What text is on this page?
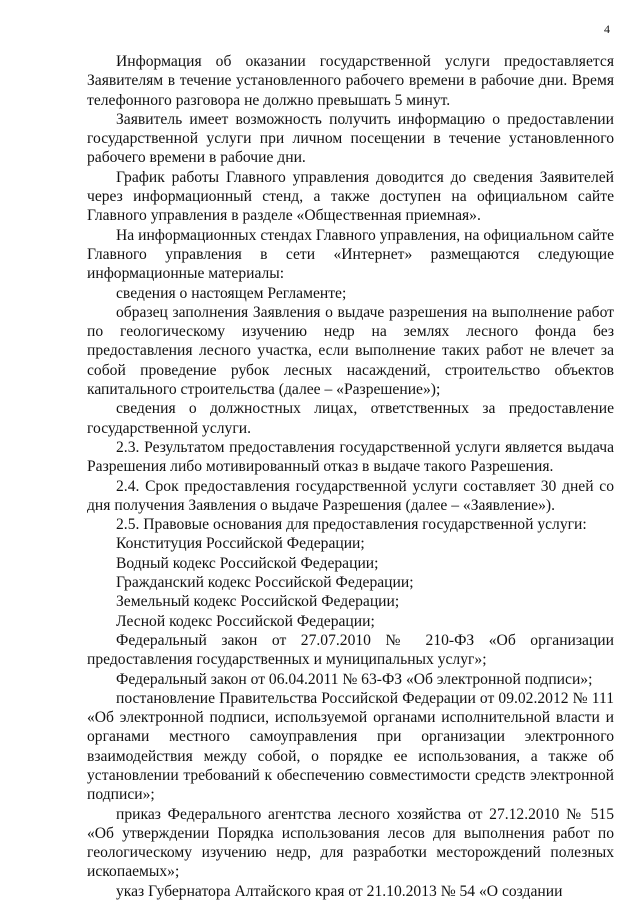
4

Информация об оказании государственной услуги предоставляется Заявителям в течение установленного рабочего времени в рабочие дни. Время телефонного разговора не должно превышать 5 минут.

Заявитель имеет возможность получить информацию о предоставлении государственной услуги при личном посещении в течение установленного рабочего времени в рабочие дни.

График работы Главного управления доводится до сведения Заявителей через информационный стенд, а также доступен на официальном сайте Главного управления в разделе «Общественная приемная».

На информационных стендах Главного управления, на официальном сайте Главного управления в сети «Интернет» размещаются следующие информационные материалы:

сведения о настоящем Регламенте;

образец заполнения Заявления о выдаче разрешения на выполнение работ по геологическому изучению недр на землях лесного фонда без предоставления лесного участка, если выполнение таких работ не влечет за собой проведение рубок лесных насаждений, строительство объектов капитального строительства (далее – «Разрешение»);

сведения о должностных лицах, ответственных за предоставление государственной услуги.

2.3. Результатом предоставления государственной услуги является выдача Разрешения либо мотивированный отказ в выдаче такого Разрешения.

2.4. Срок предоставления государственной услуги составляет 30 дней со дня получения Заявления о выдаче Разрешения (далее – «Заявление»).

2.5. Правовые основания для предоставления государственной услуги:

Конституция Российской Федерации;

Водный кодекс Российской Федерации;

Гражданский кодекс Российской Федерации;

Земельный кодекс Российской Федерации;

Лесной кодекс Российской Федерации;

Федеральный закон от 27.07.2010 № 210-ФЗ «Об организации предоставления государственных и муниципальных услуг»;

Федеральный закон от 06.04.2011 № 63-ФЗ «Об электронной подписи»;

постановление Правительства Российской Федерации от 09.02.2012 № 111 «Об электронной подписи, используемой органами исполнительной власти и органами местного самоуправления при организации электронного взаимодействия между собой, о порядке ее использования, а также об установлении требований к обеспечению совместимости средств электронной подписи»;

приказ Федерального агентства лесного хозяйства от 27.12.2010 № 515 «Об утверждении Порядка использования лесов для выполнения работ по геологическому изучению недр, для разработки месторождений полезных ископаемых»;

указ Губернатора Алтайского края от 21.10.2013 № 54 «О создании
